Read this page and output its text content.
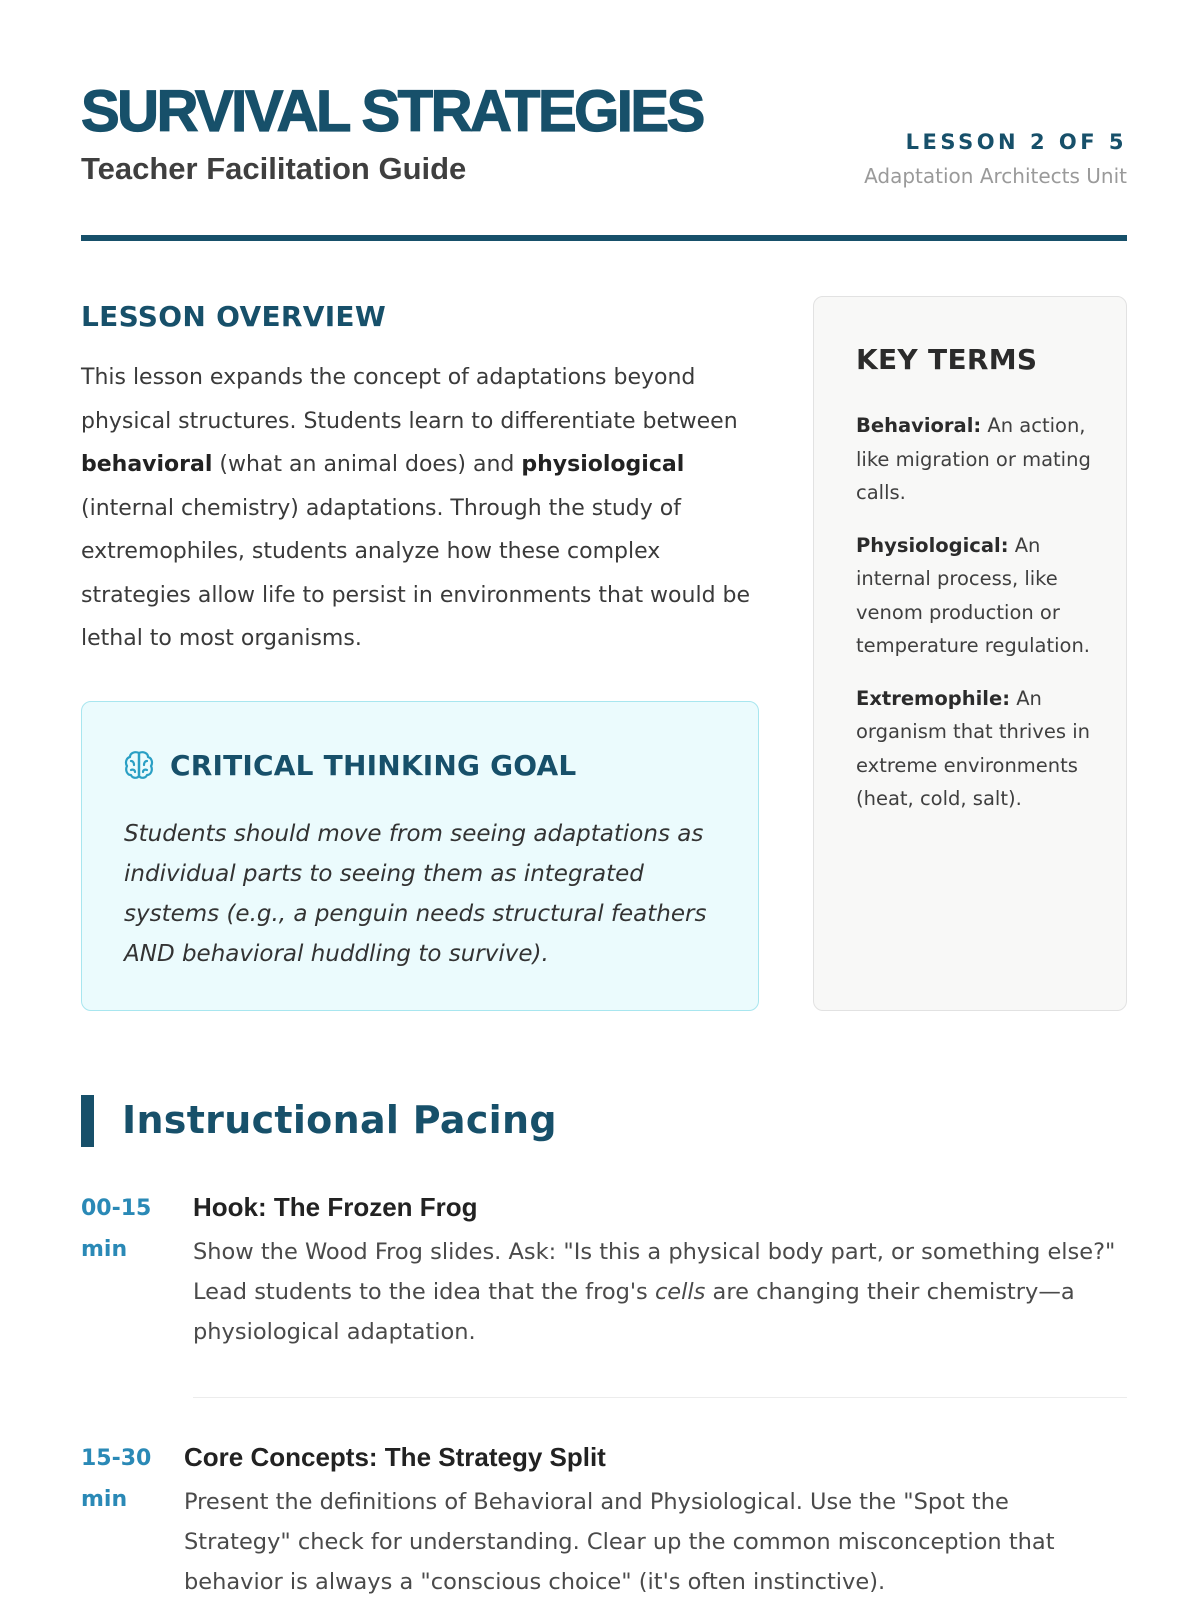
SURVIVAL STRATEGIES
Teacher Facilitation Guide
LESSON 2 OF 5
Adaptation Architects Unit
LESSON OVERVIEW

This lesson expands the concept of adaptations beyond physical structures. Students learn to differentiate between behavioral (what an animal does) and physiological (internal chemistry) adaptations. Through the study of extremophiles, students analyze how these complex strategies allow life to persist in environments that would be lethal to most organisms.

CRITICAL THINKING GOAL

Students should move from seeing adaptations as individual parts to seeing them as integrated systems (e.g., a penguin needs structural feathers AND behavioral huddling to survive).

KEY TERMS

Behavioral: An action, like migration or mating calls.

Physiological: An internal process, like venom production or temperature regulation.

Extremophile: An organism that thrives in extreme environments (heat, cold, salt).

Instructional Pacing
00-15 min
Hook: The Frozen Frog

Show the Wood Frog slides. Ask: "Is this a physical body part, or something else?" Lead students to the idea that the frog's cells are changing their chemistry—a physiological adaptation.

15-30 min
Core Concepts: The Strategy Split

Present the definitions of Behavioral and Physiological. Use the "Spot the Strategy" check for understanding. Clear up the common misconception that behavior is always a "conscious choice" (it's often instinctive).
